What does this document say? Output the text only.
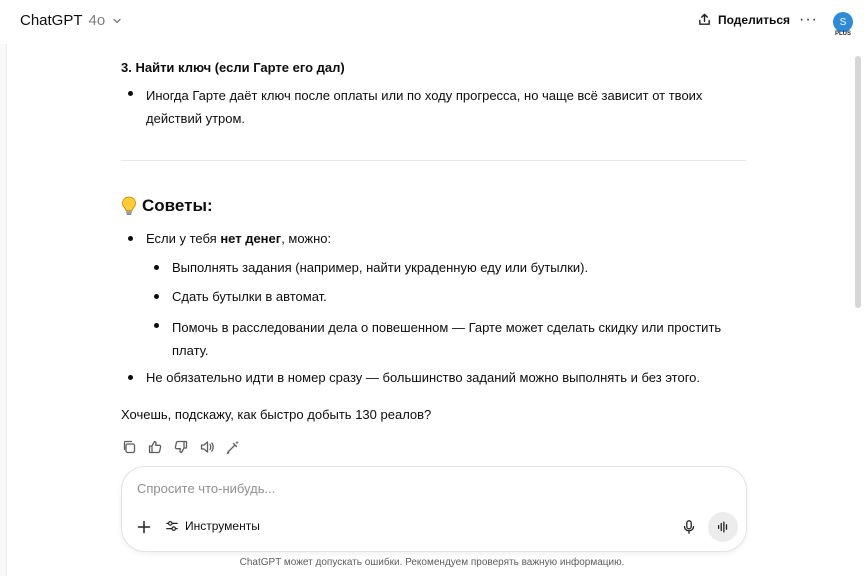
ChatGPT 4o	Поделиться ···	S
PLUS
3. Найти ключ (если Гарте его дал)
Иногда Гарте даёт ключ после оплаты или по ходу прогресса, но чаще всё зависит от твоих действий утром.
Советы:
Если у тебя нет денег, можно:
Выполнять задания (например, найти украденную еду или бутылки).
Сдать бутылки в автомат.
Помочь в расследовании дела о повешенном — Гарте может сделать скидку или простить плату.
Не обязательно идти в номер сразу — большинство заданий можно выполнять и без этого.
Хочешь, подскажу, как быстро добыть 130 реалов?
Спросите что-нибудь...
Инструменты
ChatGPT может допускать ошибки. Рекомендуем проверять важную информацию.
